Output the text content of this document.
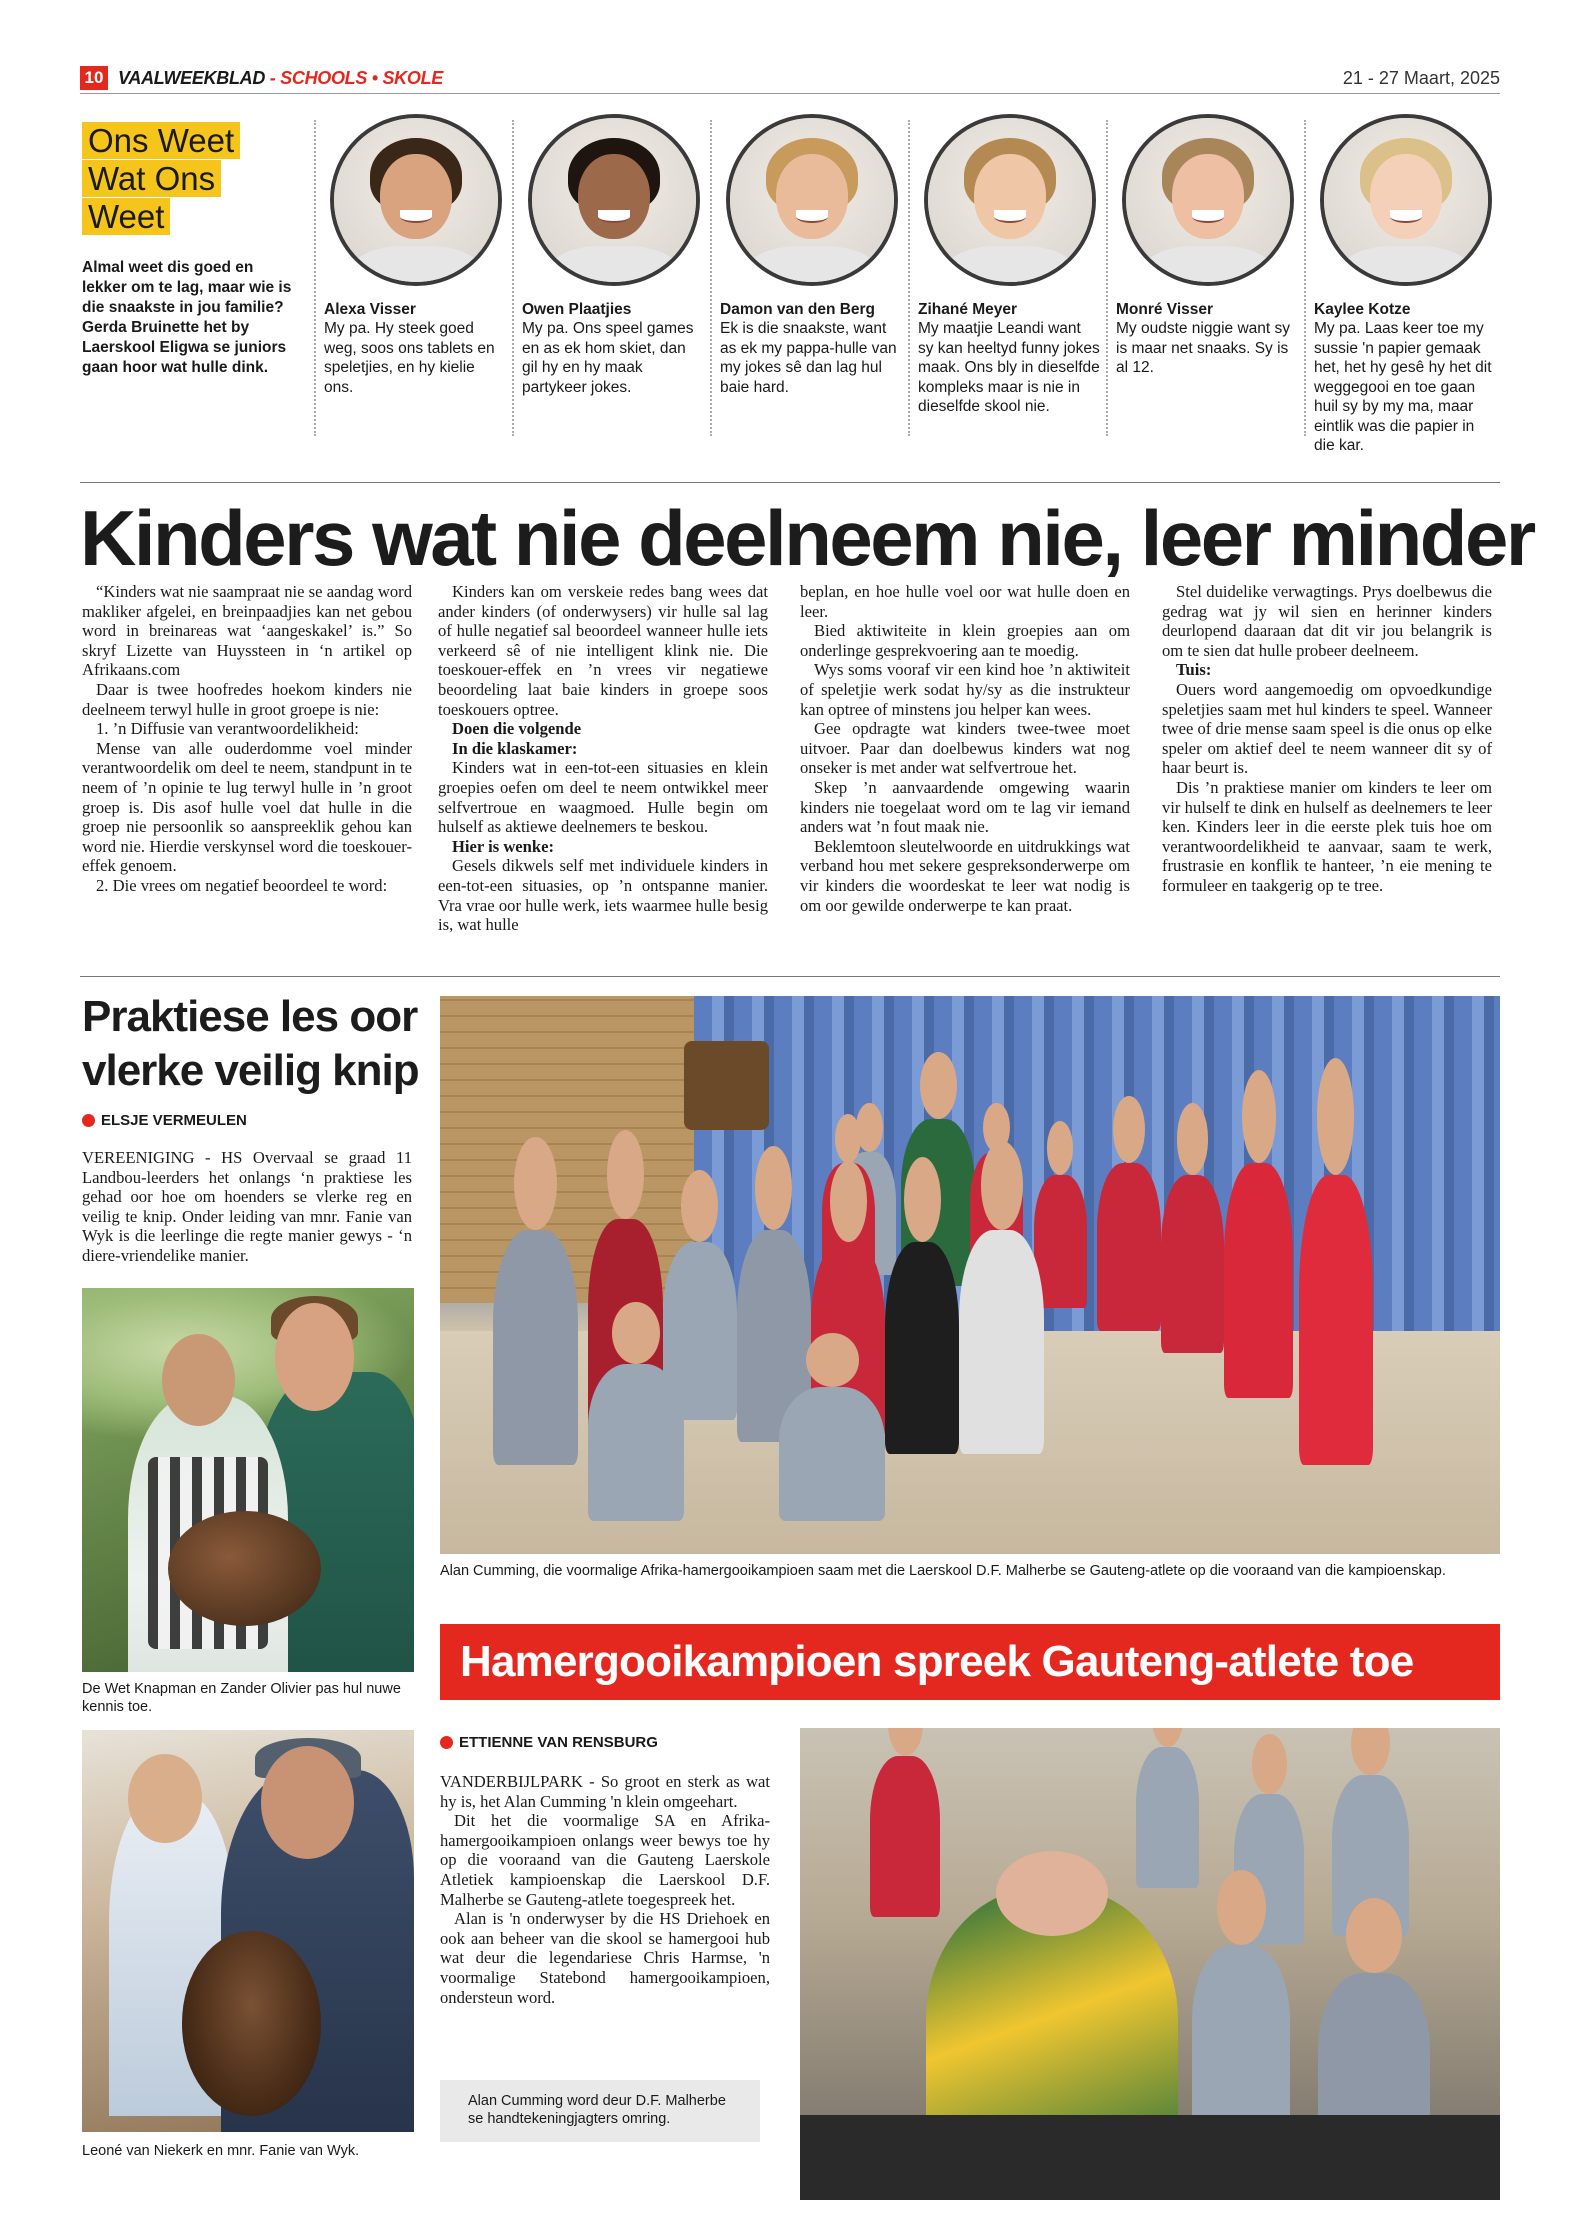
10 VAALWEEKBLAD - SCHOOLS • SKOLE	21 - 27 Maart, 2025
Ons Weet
Wat Ons
Weet
Almal weet dis goed en lekker om te lag, maar wie is die snaakste in jou familie? Gerda Bruinette het by Laerskool Eligwa se juniors gaan hoor wat hulle dink.
Alexa Visser
My pa. Hy steek goed weg, soos ons tablets en speletjies, en hy kielie ons.
Owen Plaatjies
My pa. Ons speel games en as ek hom skiet, dan gil hy en hy maak partykeer jokes.
Damon van den Berg
Ek is die snaakste, want as ek my pappa-hulle van my jokes sê dan lag hul baie hard.
Zihané Meyer
My maatjie Leandi want sy kan heeltyd funny jokes maak. Ons bly in dieselfde kompleks maar is nie in dieselfde skool nie.
Monré Visser
My oudste niggie want sy is maar net snaaks. Sy is al 12.
Kaylee Kotze
My pa. Laas keer toe my sussie 'n papier gemaak het, het hy gesê hy het dit weggegooi en toe gaan huil sy by my ma, maar eintlik was die papier in die kar.
Kinders wat nie deelneem nie, leer minder

“Kinders wat nie saampraat nie se aandag word makliker afgelei, en breinpaadjies kan net gebou word in breinareas wat ‘aangeskakel’ is.” So skryf Lizette van Huyssteen in ‘n artikel op Afrikaans.com

Daar is twee hoofredes hoekom kinders nie deelneem terwyl hulle in groot groepe is nie:

1. ’n Diffusie van verantwoordelikheid:

Mense van alle ouderdomme voel minder verantwoordelik om deel te neem, standpunt in te neem of ’n opinie te lug terwyl hulle in ’n groot groep is. Dis asof hulle voel dat hulle in die groep nie persoonlik so aanspreeklik gehou kan word nie. Hierdie verskynsel word die toeskouer-effek genoem.

2. Die vrees om negatief beoordeel te word:

Kinders kan om verskeie redes bang wees dat ander kinders (of onderwysers) vir hulle sal lag of hulle negatief sal beoordeel wanneer hulle iets verkeerd sê of nie intelligent klink nie. Die toeskouer-effek en ’n vrees vir negatiewe beoordeling laat baie kinders in groepe soos toeskouers optree.

Doen die volgende

In die klaskamer:

Kinders wat in een-tot-een situasies en klein groepies oefen om deel te neem ontwikkel meer selfvertroue en waagmoed. Hulle begin om hulself as aktiewe deelnemers te beskou.

Hier is wenke:

Gesels dikwels self met individuele kinders in een-tot-een situasies, op ’n ontspanne manier. Vra vrae oor hulle werk, iets waarmee hulle besig is, wat hulle

beplan, en hoe hulle voel oor wat hulle doen en leer.

Bied aktiwiteite in klein groepies aan om onderlinge gesprekvoering aan te moedig.

Wys soms vooraf vir een kind hoe ’n aktiwiteit of speletjie werk sodat hy/sy as die instrukteur kan optree of minstens jou helper kan wees.

Gee opdragte wat kinders twee-twee moet uitvoer. Paar dan doelbewus kinders wat nog onseker is met ander wat selfvertroue het.

Skep ’n aanvaardende omgewing waarin kinders nie toegelaat word om te lag vir iemand anders wat ’n fout maak nie.

Beklemtoon sleutelwoorde en uitdrukkings wat verband hou met sekere gespreksonderwerpe om vir kinders die woordeskat te leer wat nodig is om oor gewilde onderwerpe te kan praat.

Stel duidelike verwagtings. Prys doelbewus die gedrag wat jy wil sien en herinner kinders deurlopend daaraan dat dit vir jou belangrik is om te sien dat hulle probeer deelneem.

Tuis:

Ouers word aangemoedig om opvoedkundige speletjies saam met hul kinders te speel. Wanneer twee of drie mense saam speel is die onus op elke speler om aktief deel te neem wanneer dit sy of haar beurt is.

Dis ’n praktiese manier om kinders te leer om vir hulself te dink en hulself as deelnemers te leer ken. Kinders leer in die eerste plek tuis hoe om verantwoordelikheid te aanvaar, saam te werk, frustrasie en konflik te hanteer, ’n eie mening te formuleer en taakgerig op te tree.

Praktiese les oor vlerke veilig knip
ELSJE VERMEULEN

VEREENIGING - HS Overvaal se graad 11 Landbou-leerders het onlangs ‘n praktiese les gehad oor hoe om hoenders se vlerke reg en veilig te knip. Onder leiding van mnr. Fanie van Wyk is die leerlinge die regte manier gewys - ‘n diere-vriendelike manier.

De Wet Knapman en Zander Olivier pas hul nuwe kennis toe.
Leoné van Niekerk en mnr. Fanie van Wyk.
Alan Cumming, die voormalige Afrika-hamergooikampioen saam met die Laerskool D.F. Malherbe se Gauteng-atlete op die vooraand van die kampioenskap.
Hamergooikampioen spreek Gauteng-atlete toe
ETTIENNE VAN RENSBURG

VANDERBIJLPARK - So groot en sterk as wat hy is, het Alan Cumming 'n klein omgeehart.

Dit het die voormalige SA en Afrika-hamergooikampioen onlangs weer bewys toe hy op die vooraand van die Gauteng Laerskole Atletiek kampioenskap die Laerskool D.F. Malherbe se Gauteng-atlete toegespreek het.

Alan is 'n onderwyser by die HS Driehoek en ook aan beheer van die skool se hamergooi hub wat deur die legendariese Chris Harmse, 'n voormalige Statebond hamergooikampioen, ondersteun word.

Alan Cumming word deur D.F. Malherbe se handtekeningjagters omring.
